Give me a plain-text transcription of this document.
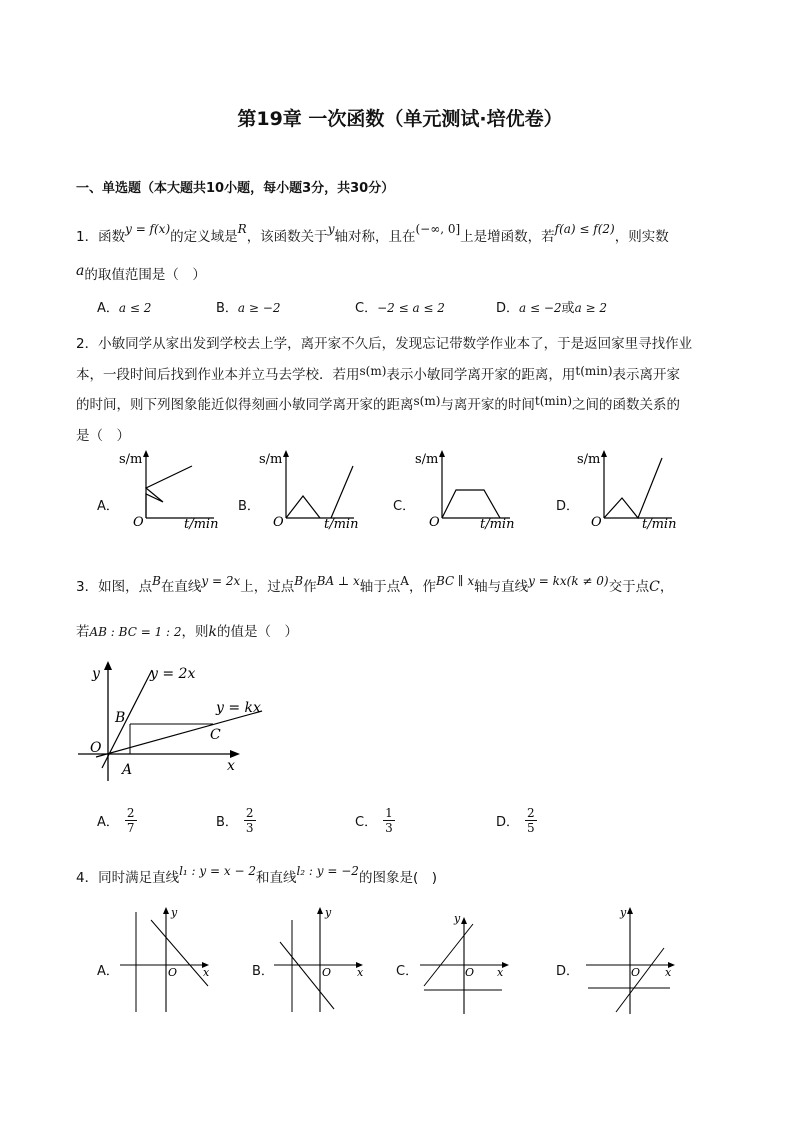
第19章 一次函数（单元测试·培优卷）
一、单选题（本大题共10小题，每小题3分，共30分）
1．函数y = f(x)的定义域是R，该函数关于y轴对称，且在(−∞, 0]上是增函数，若f(a) ≤ f(2)，则实数
a的取值范围是（　）
A．a ≤ 2	B．a ≥ −2	C．−2 ≤ a ≤ 2	D．a ≤ −2或a ≥ 2
2．小敏同学从家出发到学校去上学，离开家不久后，发现忘记带数学作业本了，于是返回家里寻找作业
本，一段时间后找到作业本并立马去学校．若用s(m)表示小敏同学离开家的距离，用t(min)表示离开家
的时间，则下列图象能近似得刻画小敏同学离开家的距离s(m)与离开家的时间t(min)之间的函数关系的
是（　）
A．	B．	C．	D．
s/m
t/min
O
s/m
t/min
O
s/m
t/min
O
s/m
t/min
O
3．如图，点B在直线y = 2x上，过点B作BA ⊥ x轴于点A，作BC ∥ x轴与直线y = kx(k ≠ 0)交于点C，
若AB : BC = 1 : 2，则k的值是（　）
y	y = 2x
y = kx
B
C
O
A	x
A． $\frac{2}{7}$	B． $\frac{2}{3}$	C． $\frac{1}{3}$	D． $\frac{2}{5}$
4．同时满足直线l₁ : y = x − 2和直线l₂ : y = −2的图象是(　)
A．	B．	C．	D．
y
x
O
y
x
O
y
x
O
y
x
O
